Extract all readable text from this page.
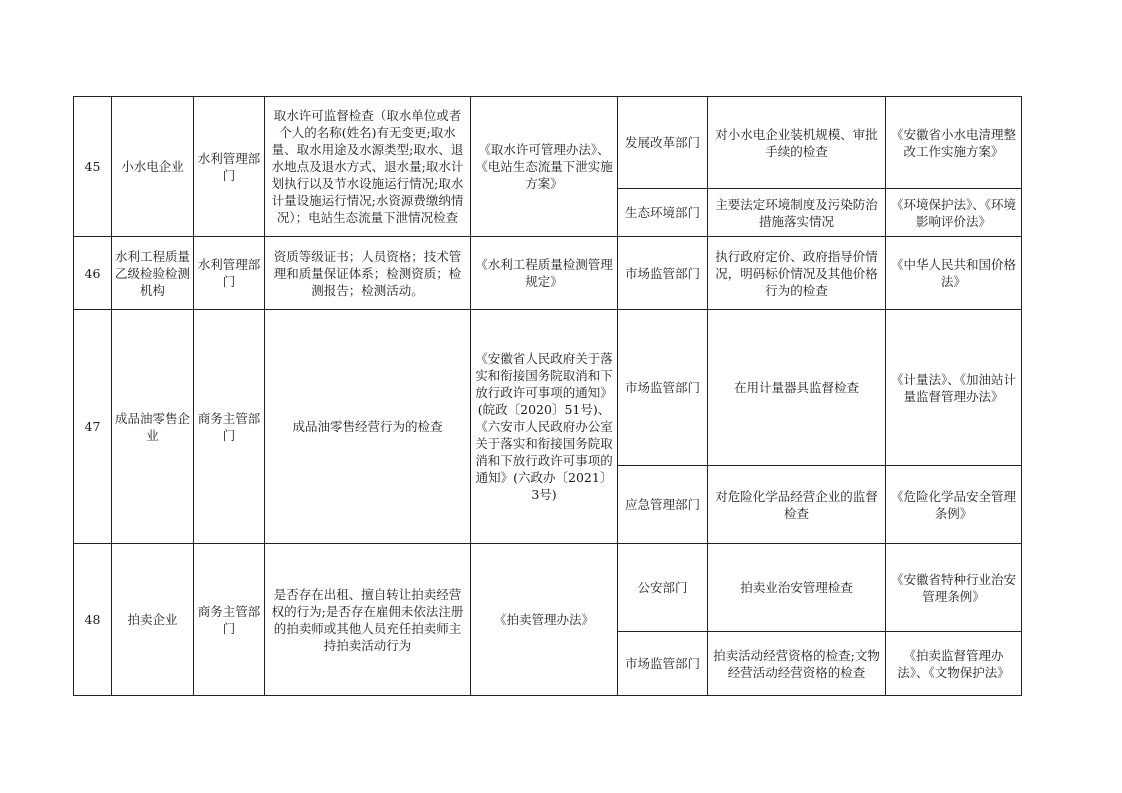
45	小水电企业	水利管理部门	取水许可监督检查（取水单位或者个人的名称(姓名)有无变更;取水量、取水用途及水源类型;取水、退水地点及退水方式、退水量;取水计划执行以及节水设施运行情况;取水计量设施运行情况;水资源费缴纳情况）；电站生态流量下泄情况检查	《取水许可管理办法》、《电站生态流量下泄实施方案》	发展改革部门	对小水电企业装机规模、审批手续的检查	《安徽省小水电清理整改工作实施方案》
					生态环境部门	主要法定环境制度及污染防治措施落实情况	《环境保护法》、《环境影响评价法》
46	水利工程质量乙级检验检测机构	水利管理部门	资质等级证书；人员资格；技术管理和质量保证体系；检测资质；检测报告；检测活动。	《水利工程质量检测管理规定》	市场监管部门	执行政府定价、政府指导价情况，明码标价情况及其他价格行为的检查	《中华人民共和国价格法》
47	成品油零售企业	商务主管部门	成品油零售经营行为的检查	《安徽省人民政府关于落实和衔接国务院取消和下放行政许可事项的通知》(皖政〔2020〕51号)、《六安市人民政府办公室关于落实和衔接国务院取消和下放行政许可事项的通知》(六政办〔2021〕3号)	市场监管部门	在用计量器具监督检查	《计量法》、《加油站计量监督管理办法》
					应急管理部门	对危险化学品经营企业的监督检查	《危险化学品安全管理条例》
48	拍卖企业	商务主管部门	是否存在出租、擅自转让拍卖经营权的行为;是否存在雇佣未依法注册的拍卖师或其他人员充任拍卖师主持拍卖活动行为	《拍卖管理办法》	公安部门	拍卖业治安管理检查	《安徽省特种行业治安管理条例》
					市场监管部门	拍卖活动经营资格的检查;文物经营活动经营资格的检查	《拍卖监督管理办法》、《文物保护法》
